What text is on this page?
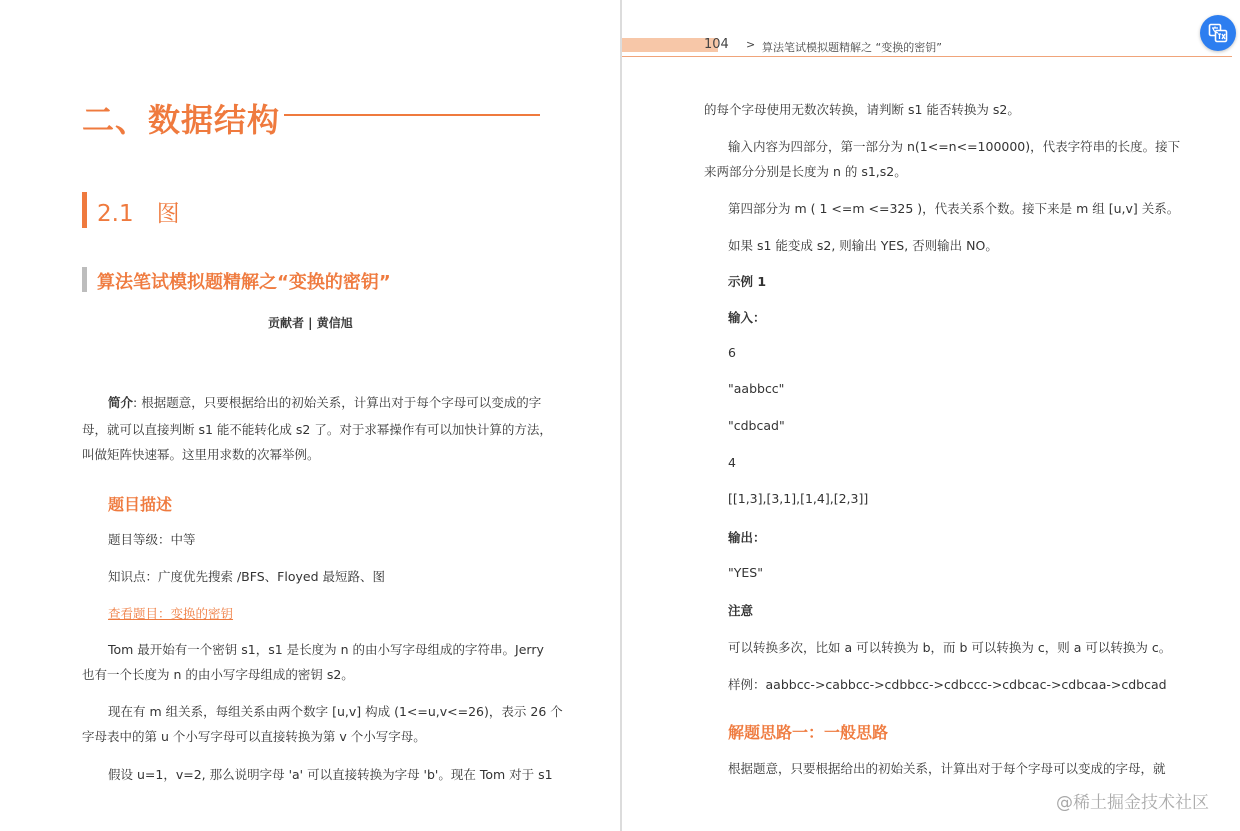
二、数据结构
2.1　图
算法笔试模拟题精解之“变换的密钥”
贡献者 | 黄信旭
简介: 根据题意，只要根据给出的初始关系，计算出对于每个字母可以变成的字
母，就可以直接判断 s1 能不能转化成 s2 了。对于求幂操作有可以加快计算的方法，
叫做矩阵快速幂。这里用求数的次幂举例。
题目描述
题目等级：中等
知识点：广度优先搜索 /BFS、Floyed 最短路、图
查看题目：变换的密钥
Tom 最开始有一个密钥 s1，s1 是长度为 n 的由小写字母组成的字符串。Jerry
也有一个长度为 n 的由小写字母组成的密钥 s2。
现在有 m 组关系，每组关系由两个数字 [u,v] 构成 (1<=u,v<=26)，表示 26 个
字母表中的第 u 个小写字母可以直接转换为第 v 个小写字母。
假设 u=1，v=2, 那么说明字母 'a' 可以直接转换为字母 'b'。现在 Tom 对于 s1
104 > 算法笔试模拟题精解之 “变换的密钥”
的每个字母使用无数次转换，请判断 s1 能否转换为 s2。
输入内容为四部分，第一部分为 n(1<=n<=100000)，代表字符串的长度。接下
来两部分分别是长度为 n 的 s1,s2。
第四部分为 m ( 1 <=m <=325 )，代表关系个数。接下来是 m 组 [u,v] 关系。
如果 s1 能变成 s2, 则输出 YES, 否则输出 NO。
示例 1
输入：
6
"aabbcc"
"cdbcad"
4
[[1,3],[3,1],[1,4],[2,3]]
输出：
"YES"
注意
可以转换多次，比如 a 可以转换为 b，而 b 可以转换为 c，则 a 可以转换为 c。
样例：aabbcc->cabbcc->cdbbcc->cdbccc->cdbcac->cdbcaa->cdbcad
解题思路一：一般思路
根据题意，只要根据给出的初始关系，计算出对于每个字母可以变成的字母，就
@稀土掘金技术社区
